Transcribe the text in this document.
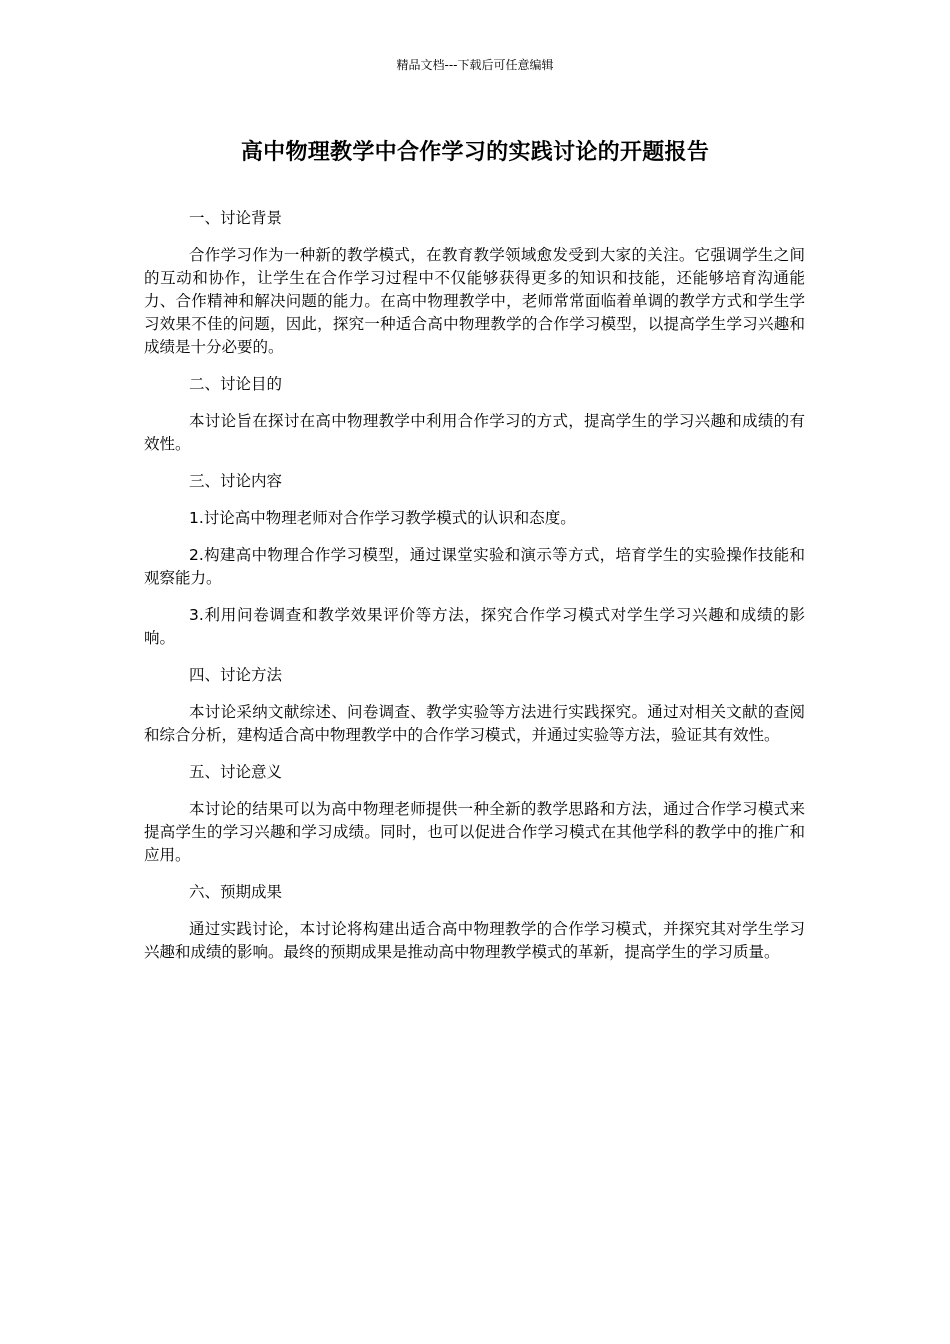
精品文档---下载后可任意编辑
高中物理教学中合作学习的实践讨论的开题报告
一、讨论背景
合作学习作为一种新的教学模式，在教育教学领域愈发受到大家的关注。它强调学生之间的互动和协作，让学生在合作学习过程中不仅能够获得更多的知识和技能，还能够培育沟通能力、合作精神和解决问题的能力。在高中物理教学中，老师常常面临着单调的教学方式和学生学习效果不佳的问题，因此，探究一种适合高中物理教学的合作学习模型，以提高学生学习兴趣和成绩是十分必要的。
二、讨论目的
本讨论旨在探讨在高中物理教学中利用合作学习的方式，提高学生的学习兴趣和成绩的有效性。
三、讨论内容
1.讨论高中物理老师对合作学习教学模式的认识和态度。
2.构建高中物理合作学习模型，通过课堂实验和演示等方式，培育学生的实验操作技能和观察能力。
3.利用问卷调查和教学效果评价等方法，探究合作学习模式对学生学习兴趣和成绩的影响。
四、讨论方法
本讨论采纳文献综述、问卷调查、教学实验等方法进行实践探究。通过对相关文献的查阅和综合分析，建构适合高中物理教学中的合作学习模式，并通过实验等方法，验证其有效性。
五、讨论意义
本讨论的结果可以为高中物理老师提供一种全新的教学思路和方法，通过合作学习模式来提高学生的学习兴趣和学习成绩。同时，也可以促进合作学习模式在其他学科的教学中的推广和应用。
六、预期成果
通过实践讨论，本讨论将构建出适合高中物理教学的合作学习模式，并探究其对学生学习兴趣和成绩的影响。最终的预期成果是推动高中物理教学模式的革新，提高学生的学习质量。
